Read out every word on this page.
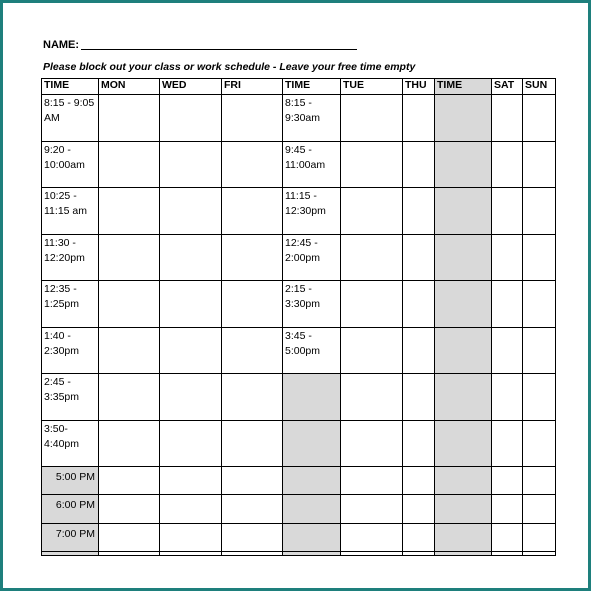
NAME:
Please block out your class or work schedule - Leave your free time empty
TIME	MON	WED	FRI	TIME	TUE	THU	TIME	SAT	SUN
8:15 - 9:05 AM				8:15 - 9:30am					
9:20 - 10:00am				9:45 - 11:00am					
10:25 - 11:15 am				11:15 - 12:30pm					
11:30 - 12:20pm				12:45 - 2:00pm					
12:35 - 1:25pm				2:15 - 3:30pm					
1:40 - 2:30pm				3:45 - 5:00pm					
2:45 - 3:35pm									
3:50- 4:40pm									
5:00 PM									
6:00 PM									
7:00 PM									
